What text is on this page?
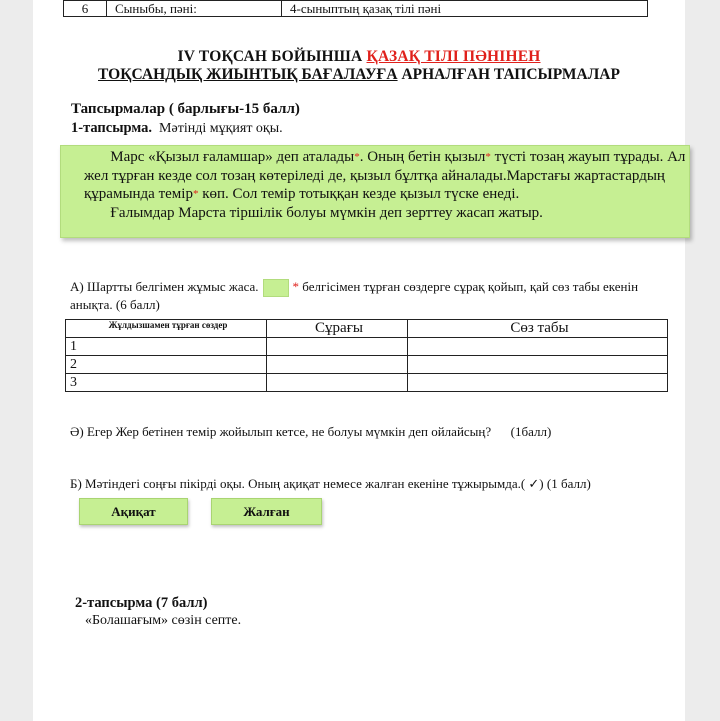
6	Сыныбы, пәні:	4-сыныптың қазақ тілі пәні
IV ТОҚСАН БОЙЫНША ҚАЗАҚ ТІЛІ ПӘНІНЕН
ТОҚСАНДЫҚ ЖИЫНТЫҚ БАҒАЛАУҒА АРНАЛҒАН ТАПСЫРМАЛАР
Тапсырмалар ( барлығы-15 балл)
1-тапсырма. Мәтінді мұқият оқы.

Марс «Қызыл ғаламшар» деп аталады*. Оның бетін қызыл* түсті тозаң жауып тұрады. Ал жел тұрған кезде сол тозаң көтеріледі де, қызыл бұлтқа айналады.Марстағы жартастардың құрамында темір* көп. Сол темір тотыққан кезде қызыл түске енеді.

Ғалымдар Марста тіршілік болуы мүмкін деп зерттеу жасап жатыр.

А) Шартты белгімен жұмыс жаса.	* белгісімен тұрған сөздерге сұрақ қойып, қай сөз табы екенін анықта. (6 балл)
Жұлдызшамен тұрған сөздер	Сұрағы	Сөз табы
1		
2		
3		
Ә) Егер Жер бетінен темір жойылып кетсе, не болуы мүмкін деп ойлайсың? (1балл)
Б) Мәтіндегі соңғы пікірді оқы. Оның ақиқат немесе жалған екеніне тұжырымда.( ✓) (1 балл)
Ақиқат	Жалған
2-тапсырма (7 балл)
«Болашағым» сөзін септе.
